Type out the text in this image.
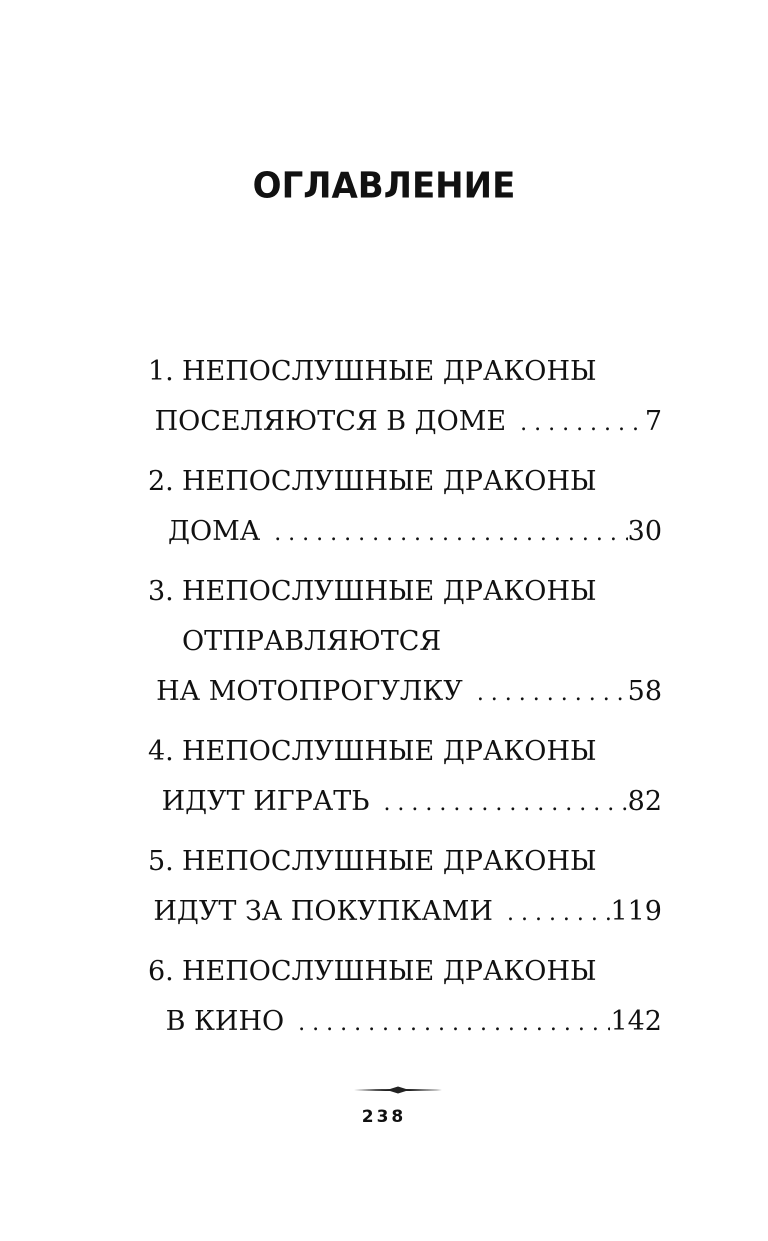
ОГЛАВЛЕНИЕ
1. НЕПОСЛУШНЫЕ ДРАКОНЫ
ПОСЕЛЯЮТСЯ В ДОМЕ . . .	7
2. НЕПОСЛУШНЫЕ ДРАКОНЫ
ДОМА . . .	30
3. НЕПОСЛУШНЫЕ ДРАКОНЫ
ОТПРАВЛЯЮТСЯ
НА МОТОПРОГУЛКУ . . .	58
4. НЕПОСЛУШНЫЕ ДРАКОНЫ
ИДУТ ИГРАТЬ . . .	82
5. НЕПОСЛУШНЫЕ ДРАКОНЫ
ИДУТ ЗА ПОКУПКАМИ . . .	119
6. НЕПОСЛУШНЫЕ ДРАКОНЫ
В КИНО . . .	142
238
